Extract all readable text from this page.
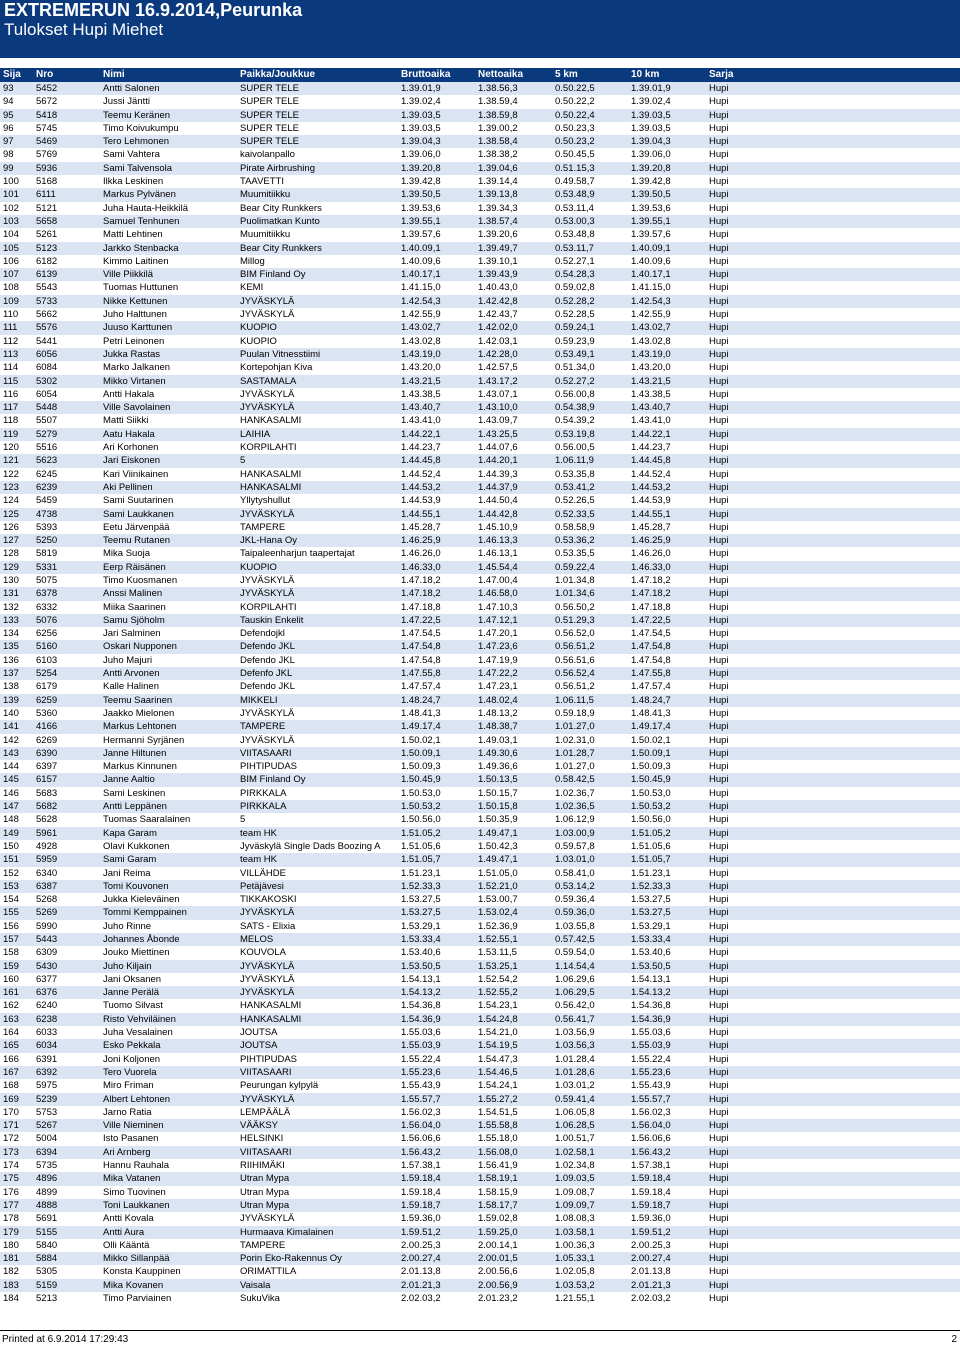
EXTREMERUN 16.9.2014,Peurunka
Tulokset Hupi Miehet
Sija	Nro	Nimi	Paikka/Joukkue	Bruttoaika	Nettoaika	5 km	10 km	Sarja
93	5452	Antti Salonen	SUPER TELE	1.39.01,9	1.38.56,3	0.50.22,5	1.39.01,9	Hupi
94	5672	Jussi Jäntti	SUPER TELE	1.39.02,4	1.38.59,4	0.50.22,2	1.39.02,4	Hupi
95	5418	Teemu Keränen	SUPER TELE	1.39.03,5	1.38.59,8	0.50.22,4	1.39.03,5	Hupi
96	5745	Timo Koivukumpu	SUPER TELE	1.39.03,5	1.39.00,2	0.50.23,3	1.39.03,5	Hupi
97	5469	Tero Lehmonen	SUPER TELE	1.39.04,3	1.38.58,4	0.50.23,2	1.39.04,3	Hupi
98	5769	Sami Vahtera	kaivolanpallo	1.39.06,0	1.38.38,2	0.50.45,5	1.39.06,0	Hupi
99	5936	Sami Talvensola	Pirate Airbrushing	1.39.20,8	1.39.04,6	0.51.15,3	1.39.20,8	Hupi
100	5168	Ilkka Leskinen	TAAVETTI	1.39.42,8	1.39.14,4	0.49.58,7	1.39.42,8	Hupi
101	6111	Markus Pylvänen	Muumitiikku	1.39.50,5	1.39.13,8	0.53.48,9	1.39.50,5	Hupi
102	5121	Juha Hauta-Heikkilä	Bear City Runkkers	1.39.53,6	1.39.34,3	0.53.11,4	1.39.53,6	Hupi
103	5658	Samuel Tenhunen	Puolimatkan Kunto	1.39.55,1	1.38.57,4	0.53.00,3	1.39.55,1	Hupi
104	5261	Matti Lehtinen	Muumitiikku	1.39.57,6	1.39.20,6	0.53.48,8	1.39.57,6	Hupi
105	5123	Jarkko Stenbacka	Bear City Runkkers	1.40.09,1	1.39.49,7	0.53.11,7	1.40.09,1	Hupi
106	6182	Kimmo Laitinen	Millog	1.40.09,6	1.39.10,1	0.52.27,1	1.40.09,6	Hupi
107	6139	Ville Piikkilä	BIM Finland Oy	1.40.17,1	1.39.43,9	0.54.28,3	1.40.17,1	Hupi
108	5543	Tuomas Huttunen	KEMI	1.41.15,0	1.40.43,0	0.59.02,8	1.41.15,0	Hupi
109	5733	Nikke Kettunen	JYVÄSKYLÄ	1.42.54,3	1.42.42,8	0.52.28,2	1.42.54,3	Hupi
110	5662	Juho Halttunen	JYVÄSKYLÄ	1.42.55,9	1.42.43,7	0.52.28,5	1.42.55,9	Hupi
111	5576	Juuso Karttunen	KUOPIO	1.43.02,7	1.42.02,0	0.59.24,1	1.43.02,7	Hupi
112	5441	Petri Leinonen	KUOPIO	1.43.02,8	1.42.03,1	0.59.23,9	1.43.02,8	Hupi
113	6056	Jukka Rastas	Puulan Vitnesstiimi	1.43.19,0	1.42.28,0	0.53.49,1	1.43.19,0	Hupi
114	6084	Marko Jalkanen	Kortepohjan Kiva	1.43.20,0	1.42.57,5	0.51.34,0	1.43.20,0	Hupi
115	5302	Mikko Virtanen	SASTAMALA	1.43.21,5	1.43.17,2	0.52.27,2	1.43.21,5	Hupi
116	6054	Antti Hakala	JYVÄSKYLÄ	1.43.38,5	1.43.07,1	0.56.00,8	1.43.38,5	Hupi
117	5448	Ville Savolainen	JYVÄSKYLÄ	1.43.40,7	1.43.10,0	0.54.38,9	1.43.40,7	Hupi
118	5507	Matti Siikki	HANKASALMI	1.43.41,0	1.43.09,7	0.54.39,2	1.43.41,0	Hupi
119	5279	Aatu Hakala	LAIHIA	1.44.22,1	1.43.25,5	0.53.19,8	1.44.22,1	Hupi
120	5516	Ari Korhonen	KORPILAHTI	1.44.23,7	1.44.07,6	0.56.00,5	1.44.23,7	Hupi
121	5623	Jari Eiskonen	5	1.44.45,8	1.44.20,1	1.06.11,9	1.44.45,8	Hupi
122	6245	Kari Viinikainen	HANKASALMI	1.44.52,4	1.44.39,3	0.53.35,8	1.44.52,4	Hupi
123	6239	Aki Pellinen	HANKASALMI	1.44.53,2	1.44.37,9	0.53.41,2	1.44.53,2	Hupi
124	5459	Sami Suutarinen	Yllytyshullut	1.44.53,9	1.44.50,4	0.52.26,5	1.44.53,9	Hupi
125	4738	Sami Laukkanen	JYVÄSKYLÄ	1.44.55,1	1.44.42,8	0.52.33,5	1.44.55,1	Hupi
126	5393	Eetu Järvenpää	TAMPERE	1.45.28,7	1.45.10,9	0.58.58,9	1.45.28,7	Hupi
127	5250	Teemu Rutanen	JKL-Hana Oy	1.46.25,9	1.46.13,3	0.53.36,2	1.46.25,9	Hupi
128	5819	Mika Suoja	Taipaleenharjun taapertajat	1.46.26,0	1.46.13,1	0.53.35,5	1.46.26,0	Hupi
129	5331	Eerp Räisänen	KUOPIO	1.46.33,0	1.45.54,4	0.59.22,4	1.46.33,0	Hupi
130	5075	Timo Kuosmanen	JYVÄSKYLÄ	1.47.18,2	1.47.00,4	1.01.34,8	1.47.18,2	Hupi
131	6378	Anssi Malinen	JYVÄSKYLÄ	1.47.18,2	1.46.58,0	1.01.34,6	1.47.18,2	Hupi
132	6332	Miika Saarinen	KORPILAHTI	1.47.18,8	1.47.10,3	0.56.50,2	1.47.18,8	Hupi
133	5076	Samu Sjöholm	Tauskin Enkelit	1.47.22,5	1.47.12,1	0.51.29,3	1.47.22,5	Hupi
134	6256	Jari Salminen	Defendojkl	1.47.54,5	1.47.20,1	0.56.52,0	1.47.54,5	Hupi
135	5160	Oskari Nupponen	Defendo JKL	1.47.54,8	1.47.23,6	0.56.51,2	1.47.54,8	Hupi
136	6103	Juho Majuri	Defendo JKL	1.47.54,8	1.47.19,9	0.56.51,6	1.47.54,8	Hupi
137	5254	Antti Arvonen	Defenfo JKL	1.47.55,8	1.47.22,2	0.56.52,4	1.47.55,8	Hupi
138	6179	Kalle Halinen	Defendo JKL	1.47.57,4	1.47.23,1	0.56.51,2	1.47.57,4	Hupi
139	6259	Teemu Saarinen	MIKKELI	1.48.24,7	1.48.02,4	1.06.11,5	1.48.24,7	Hupi
140	5360	Jaakko Mielonen	JYVÄSKYLÄ	1.48.41,3	1.48.13,2	0.59.18,9	1.48.41,3	Hupi
141	4166	Markus Lehtonen	TAMPERE	1.49.17,4	1.48.38,7	1.01.27,0	1.49.17,4	Hupi
142	6269	Hermanni Syrjänen	JYVÄSKYLÄ	1.50.02,1	1.49.03,1	1.02.31,0	1.50.02,1	Hupi
143	6390	Janne Hiltunen	VIITASAARI	1.50.09,1	1.49.30,6	1.01.28,7	1.50.09,1	Hupi
144	6397	Markus Kinnunen	PIHTIPUDAS	1.50.09,3	1.49.36,6	1.01.27,0	1.50.09,3	Hupi
145	6157	Janne Aaltio	BIM Finland Oy	1.50.45,9	1.50.13,5	0.58.42,5	1.50.45,9	Hupi
146	5683	Sami Leskinen	PIRKKALA	1.50.53,0	1.50.15,7	1.02.36,7	1.50.53,0	Hupi
147	5682	Antti Leppänen	PIRKKALA	1.50.53,2	1.50.15,8	1.02.36,5	1.50.53,2	Hupi
148	5628	Tuomas Saaralainen	5	1.50.56,0	1.50.35,9	1.06.12,9	1.50.56,0	Hupi
149	5961	Kapa Garam	team HK	1.51.05,2	1.49.47,1	1.03.00,9	1.51.05,2	Hupi
150	4928	Olavi Kukkonen	Jyväskylä Single Dads Boozing A	1.51.05,6	1.50.42,3	0.59.57,8	1.51.05,6	Hupi
151	5959	Sami Garam	team HK	1.51.05,7	1.49.47,1	1.03.01,0	1.51.05,7	Hupi
152	6340	Jani Reima	VILLÄHDE	1.51.23,1	1.51.05,0	0.58.41,0	1.51.23,1	Hupi
153	6387	Tomi Kouvonen	Petäjävesi	1.52.33,3	1.52.21,0	0.53.14,2	1.52.33,3	Hupi
154	5268	Jukka Kieleväinen	TIKKAKOSKI	1.53.27,5	1.53.00,7	0.59.36,4	1.53.27,5	Hupi
155	5269	Tommi Kemppainen	JYVÄSKYLÄ	1.53.27,5	1.53.02,4	0.59.36,0	1.53.27,5	Hupi
156	5990	Juho Rinne	SATS - Elixia	1.53.29,1	1.52.36,9	1.03.55,8	1.53.29,1	Hupi
157	5443	Johannes Åbonde	MELOS	1.53.33,4	1.52.55,1	0.57.42,5	1.53.33,4	Hupi
158	6309	Jouko Miettinen	KOUVOLA	1.53.40,6	1.53.11,5	0.59.54,0	1.53.40,6	Hupi
159	5430	Juho Kiljain	JYVÄSKYLÄ	1.53.50,5	1.53.25,1	1.14.54,4	1.53.50,5	Hupi
160	6377	Jani Oksanen	JYVÄSKYLÄ	1.54.13,1	1.52.54,2	1.06.29,6	1.54.13,1	Hupi
161	6376	Janne Perälä	JYVÄSKYLÄ	1.54.13,2	1.52.55,2	1.06.29,5	1.54.13,2	Hupi
162	6240	Tuomo Silvast	HANKASALMI	1.54.36,8	1.54.23,1	0.56.42,0	1.54.36,8	Hupi
163	6238	Risto Vehviläinen	HANKASALMI	1.54.36,9	1.54.24,8	0.56.41,7	1.54.36,9	Hupi
164	6033	Juha Vesalainen	JOUTSA	1.55.03,6	1.54.21,0	1.03.56,9	1.55.03,6	Hupi
165	6034	Esko Pekkala	JOUTSA	1.55.03,9	1.54.19,5	1.03.56,3	1.55.03,9	Hupi
166	6391	Joni Koljonen	PIHTIPUDAS	1.55.22,4	1.54.47,3	1.01.28,4	1.55.22,4	Hupi
167	6392	Tero Vuorela	VIITASAARI	1.55.23,6	1.54.46,5	1.01.28,6	1.55.23,6	Hupi
168	5975	Miro Friman	Peurungan kylpylä	1.55.43,9	1.54.24,1	1.03.01,2	1.55.43,9	Hupi
169	5239	Albert Lehtonen	JYVÄSKYLÄ	1.55.57,7	1.55.27,2	0.59.41,4	1.55.57,7	Hupi
170	5753	Jarno Ratia	LEMPÄÄLÄ	1.56.02,3	1.54.51,5	1.06.05,8	1.56.02,3	Hupi
171	5267	Ville Nieminen	VÄÄKSY	1.56.04,0	1.55.58,8	1.06.28,5	1.56.04,0	Hupi
172	5004	Isto Pasanen	HELSINKI	1.56.06,6	1.55.18,0	1.00.51,7	1.56.06,6	Hupi
173	6394	Ari Arnberg	VIITASAARI	1.56.43,2	1.56.08,0	1.02.58,1	1.56.43,2	Hupi
174	5735	Hannu Rauhala	RIIHIMÄKI	1.57.38,1	1.56.41,9	1.02.34,8	1.57.38,1	Hupi
175	4896	Mika Vatanen	Utran Mypa	1.59.18,4	1.58.19,1	1.09.03,5	1.59.18,4	Hupi
176	4899	Simo Tuovinen	Utran Mypa	1.59.18,4	1.58.15,9	1.09.08,7	1.59.18,4	Hupi
177	4888	Toni Laukkanen	Utran Mypa	1.59.18,7	1.58.17,7	1.09.09,7	1.59.18,7	Hupi
178	5691	Antti Kovala	JYVÄSKYLÄ	1.59.36,0	1.59.02,8	1.08.08,3	1.59.36,0	Hupi
179	5155	Antti Aura	Hurmaava Kimalainen	1.59.51,2	1.59.25,0	1.03.58,1	1.59.51,2	Hupi
180	5840	Olli Kääntä	TAMPERE	2.00.25,3	2.00.14,1	1.00.36,3	2.00.25,3	Hupi
181	5884	Mikko Sillanpää	Porin Eko-Rakennus Oy	2.00.27,4	2.00.01,5	1.05.33,1	2.00.27,4	Hupi
182	5305	Konsta Kauppinen	ORIMATTILA	2.01.13,8	2.00.56,6	1.02.05,8	2.01.13,8	Hupi
183	5159	Mika Kovanen	Vaisala	2.01.21,3	2.00.56,9	1.03.53,2	2.01.21,3	Hupi
184	5213	Timo Parviainen	SukuVika	2.02.03,2	2.01.23,2	1.21.55,1	2.02.03,2	Hupi
Printed at 6.9.2014 17:29:43	2
